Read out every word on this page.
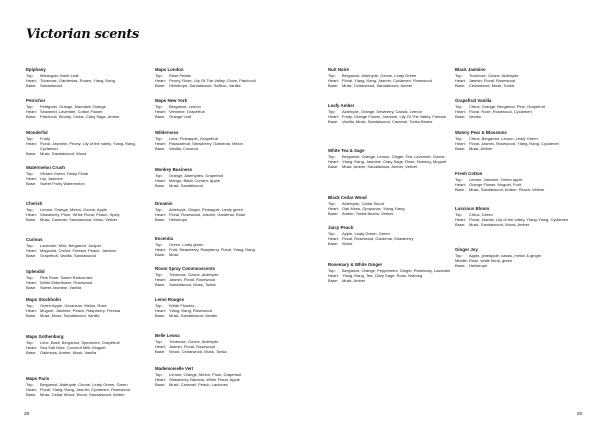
Victorian scents
28	29
Epiphany
Top:	Melangolo,Violet Leaf
Heart: Tuberose, Gardenias, Roses, Ylang-Ylang
Base: Sandalwood
Petrichor
Top:	Petitgrain, Orange, Mandarin Orange
Heart: Seaweed, Lavender, Cotton Flower
Base: Patchouli, Woody, Cedar, Clary Sage, Amber
Wonderful
Top:	Fruity
Heart: Floral, Jasmine, Peony, Lily of the valley, Ylang-Ylang, Cyclamen
Base: Musk, Sandalwood, Wood
Watermelon Crush
Top:	Vibrant Green, Dewy Floral
Heart: Lily, Jasmine
Base: Sweet Fruity Watermelon
Cherish
Top:	Lemon, Orange, Melon, Ozone, Apple
Heart: Strawberry, Plum, White Floral, Peach, Spicy
Base: Musk, Caramel, Sandalwood, Moss, Vetiver
Curious
Top:	Lavender, Mint, Bergamot, Juniper
Heart: Magnolia, Orchid, Freesia, Peach, Jasmine
Base: Grapefruit, Vanilla, Sandalwood
Splendid
Top:	Pink Rose, Sweet Redcurrant
Heart: White Elderflower, Rosewood
Base: Sweet Jasmine, Vanilla
Maps Stockholm
Top:	Green Apple, Geranium, Melon, Rose
Heart: Muguet, Jasmine, Peach, Raspberry, Freesia
Base: Musk, Moss, Sandalwood, Vanilla
Maps Gothenburg
Top:	Lime, Basil, Bergamot, Spearmint, Grapefruit
Heart: Sea Salt Note, Coconut Milk, Muguet
Base: Oakmoss, Amber, Musk, Vanilla
Maps Paris
Top:	Bergamot, Aldehyde, Ozone, Leafy Green, Green
Heart: Floral, Ylang-Ylang, Jasmin, Cyclamen, Rosewood
Base: Musk, Cedar Wood, Wood, Sandalwood, Amber
Maps London
Top:	Rose Petals
Heart: Peony, Rose, Lily Of The Valley, Clove, Patchouli
Base: Heliotrope, Sandalwood, Saffron, Vanilla
Maps New York
Top:	Bergamot, Lemon
Heart: Verveine, Grapefruit
Base: Orange Leaf
Wilderness
Top:	Lime, Pineapple, Grapefruit
Heart: Passionfruit, Strawberry, Gardenia, Melon
Base: Vanilla, Coconut
Monkey Business
Top:	Orange, Aldehydes, Grapefruit
Heart: Mango, Black Currant, Apple
Base: Musk, Sandalwood
Dreamin
Top:	Aldehyde, Ginger, Pineapple, Leafy green
Heart: Floral, Rosewood, Jasmin, Gardenia, Rose
Base: Heliotrope
Escentia
Top:	Green, Leafy green
Heart: Fruit, Strawberry, Raspberry, Floral, Ylang-Ylang
Base: Musk
Room Spray Commonscents
Top:	Tuberose, Ozone, Aldehyde
Heart: Jasmin, Floral, Rosewood
Base: Sandalwood, Musk, Tonka
Lemo Rouges
Top:	White Flowers
Heart: Ylang-Ylang, Rosewood
Base: Musk, Sandalwood, Vanilla
Belle Leona
Top:	Tuberose, Ozone, Aldehyde
Heart: Jasmin, Floral, Rosewood
Base: Wood, Cedarwood, Musk, Tonka
Mademoiselle Vert
Top:	Lemon, Orange, Melon, Plum, Grapefruit
Heart: Strawberry, Banana, White Floral, Apple
Base: Musk, Caramel, Peach, Lactones
Nuit Noire
Top:	Bergamot, Aldehyde, Ozone, Leafy Green
Heart: Floral, Ylang-Ylang, Jasmin, Cyclamen, Rosewood
Base: Musk, Cedarwood, Sandalwood, Amber
Leafy Amber
Top:	Aldehyde, Orange, Dewberry, Cassis, Lemon
Heart: Fruity, Orange Flower, Jasmine, Lily Of The Valley, Freesia
Base: Vanilla, Musk, Sandalwood, Caramel, Tonka Beans
White Tea & Sage
Top:	Bergamot, Orange, Lemon, Ginger, Tea, Lavender, Ozone
Heart: Ylang-Ylang, Jasmine, Clary Sage, Rose, Nutmeg, Muguet
Base: Musk, Amber, Sandalwood, Amber, Vetiver
Black Cedar Wood
Top:	Aldehydic, Cedar Wood
Heart: Oak Moss, Opoponax, Ylang-Ylang
Base: Amber, Tonka Beans, Vetiver
Juicy Peach
Top:	Apple, Leafy Green, Green
Heart: Floral, Rosewood, Gardenia, Strawberry
Base: Wood
Rosemary & White Ginger
Top:	Bergamot, Orange, Peppermint, Ginger, Rosemary, Lavandin
Heart: Ylang-Ylang, Tea, Clary Sage, Rose, Nutmeg
Base: Musk, Amber
Black Jasmine
Top:	Tuberose, Ozone, Aldehyde
Heart: Jasmin, Floral, Rosewood
Base: Cedarwood, Musk, Tonka
Grapefruit Vanilla
Top:	Citrus, Orange, Bergamot, Pine, Grapefruit
Heart: Floral, Rose, Rosewood, Cyclamen
Base: Vanilla
Watery Pear & Blossoms
Top:	Citrus, Bergamot, Lemon, Leafy Green
Heart: Floral, Jasmin, Rosewood, Ylang-Ylang, Cyclamen
Base: Musk, Amber
Fresh Cotton
Top:	Lemon, Jasmine, Green apple
Heart: Orange Flower, Muguet, Fruit
Base : Musk, Sandalwood, Amber, Peach, Vetiver
Luscious Bloom
Top:	Citrus, Green
Heart: Floral, Jasmin, Lily of the valley, Ylang-Ylang, Cyclamen
Base: Musk, Sandalwood, Wood, Amber
Ginger Joy
Top:	Apple, pineapple, cassis, melon & ginger
Middle: Rose, white floral, green
Base: Heliotrope
